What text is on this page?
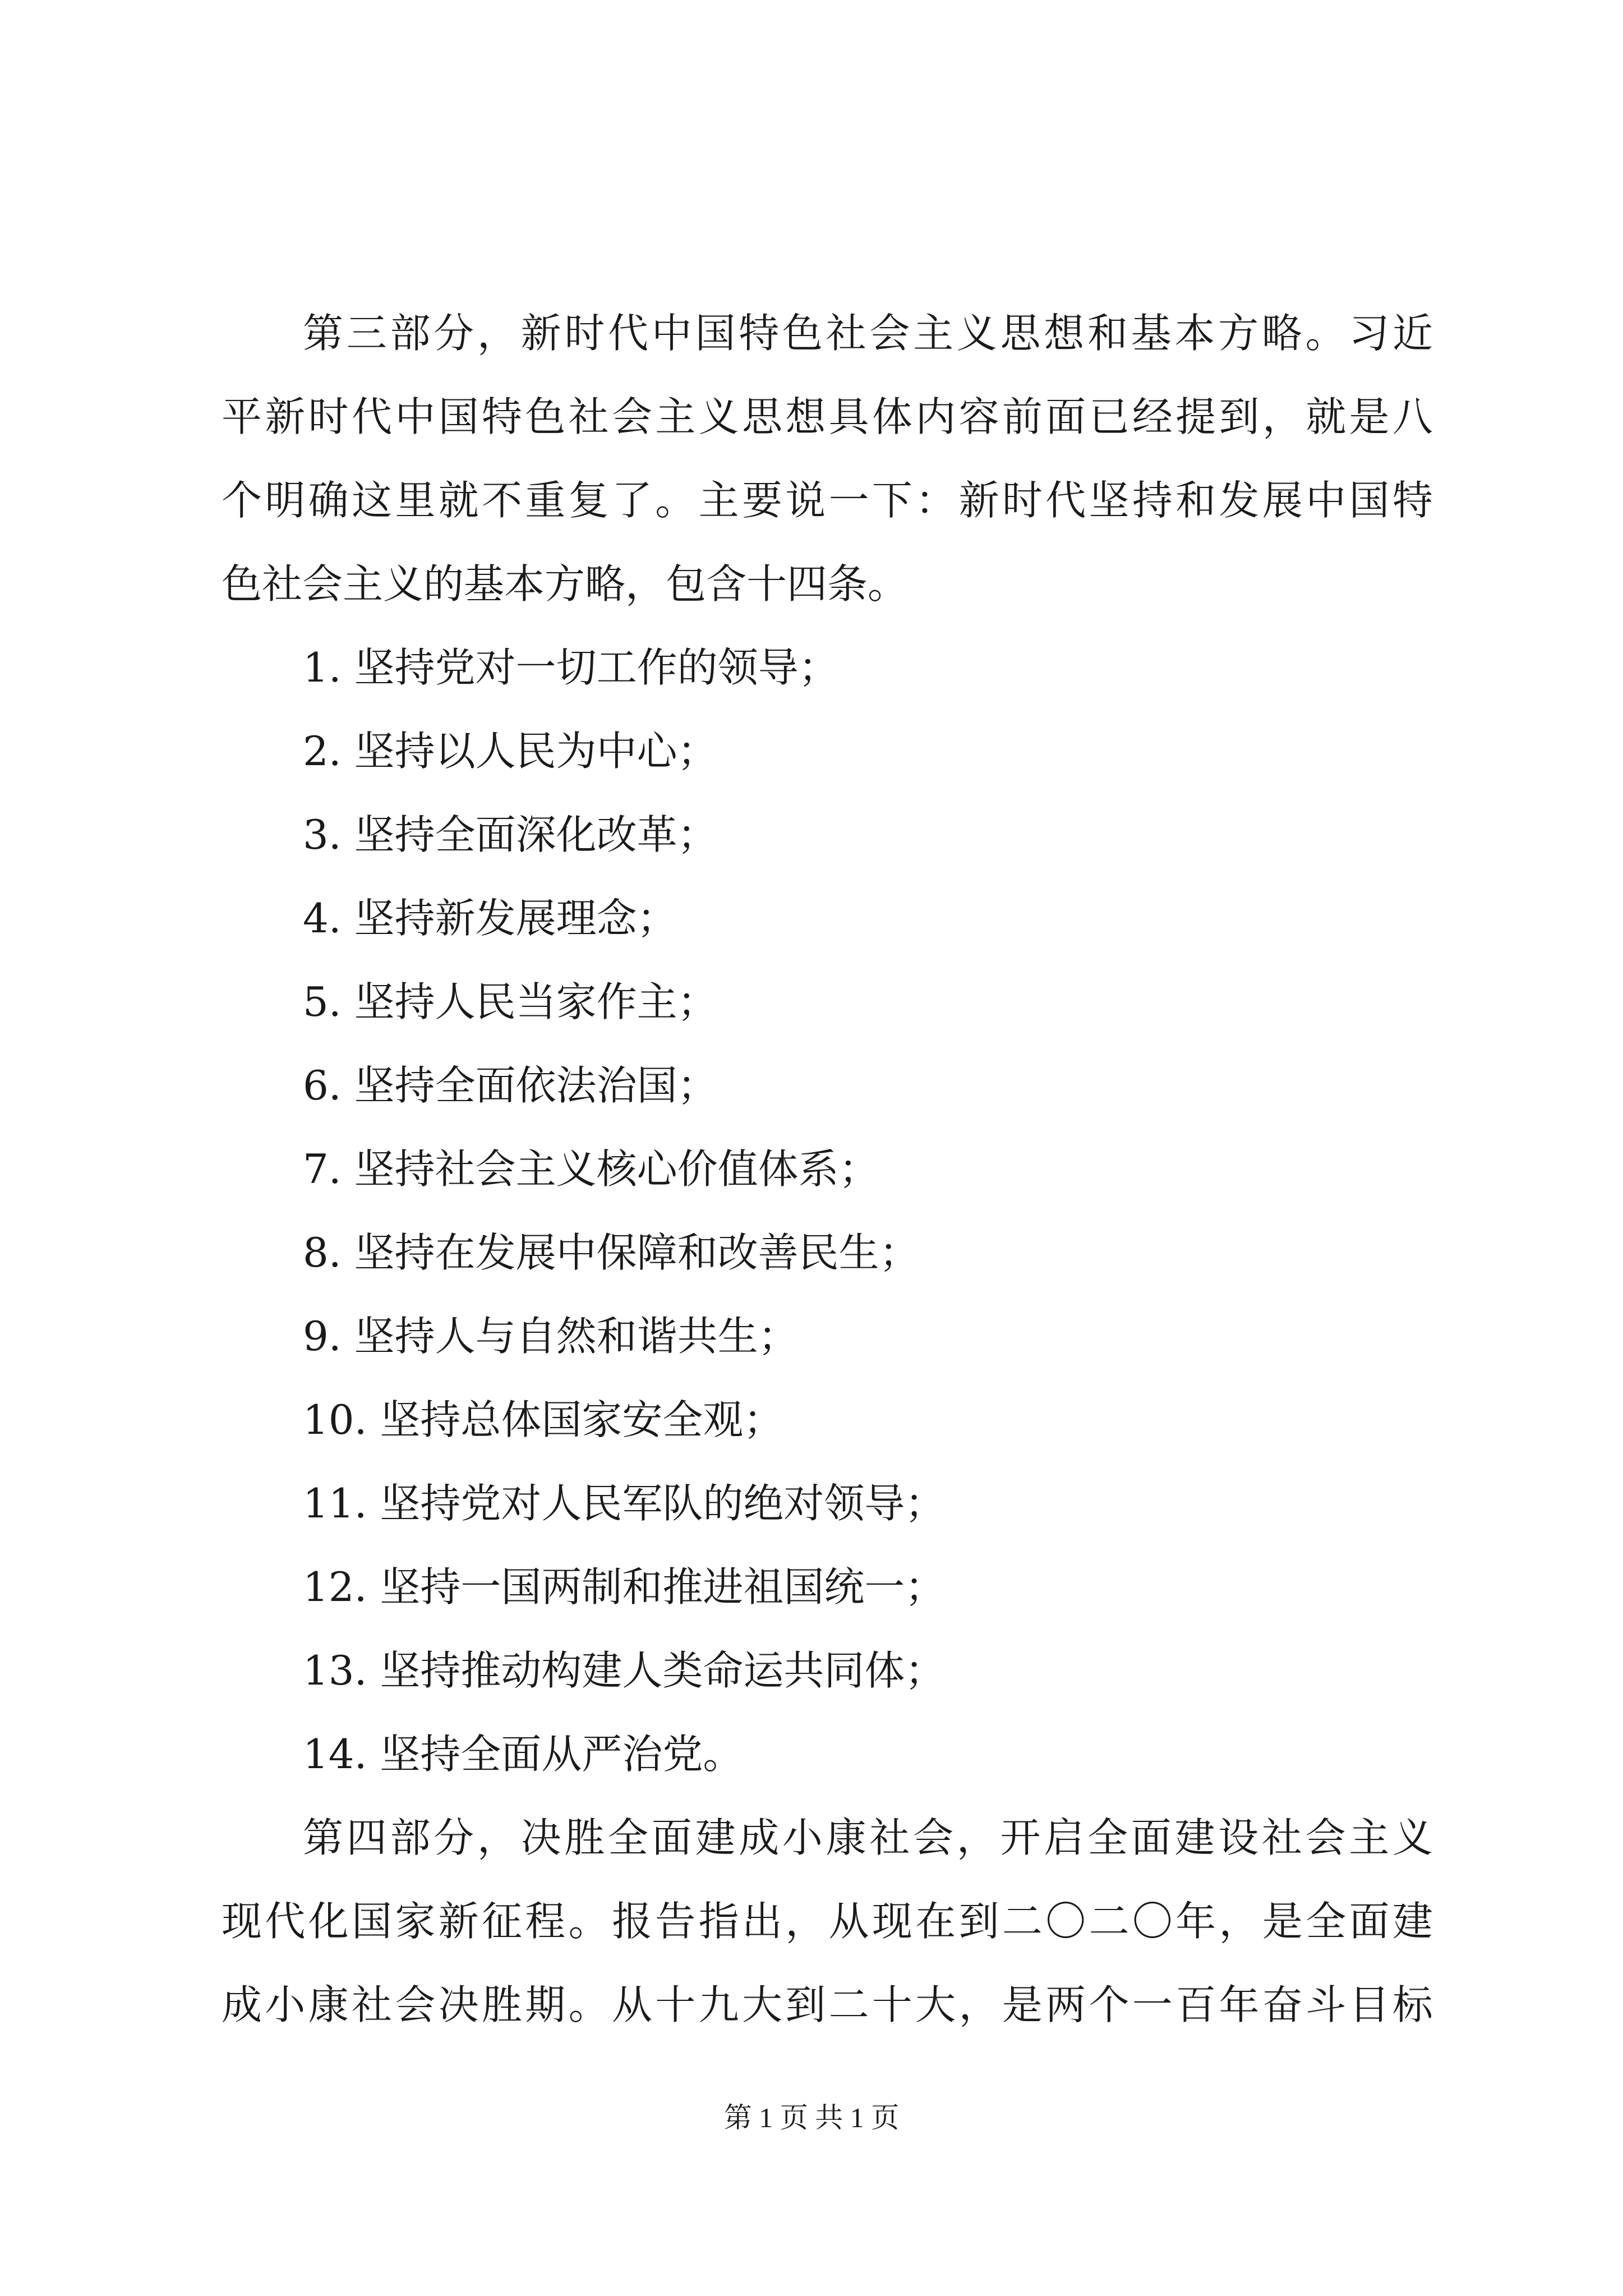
第 三 部 分 ， 新 时 代 中 国 特 色 社 会 主 义 思 想 和 基 本 方 略 。 习 近
平 新 时 代 中 国 特 色 社 会 主 义 思 想 具 体 内 容 前 面 已 经 提 到 ， 就 是 八
个 明 确 这 里 就 不 重 复 了 。 主 要 说 一 下 ： 新 时 代 坚 持 和 发 展 中 国 特
色社会主义的基本方略，包含十四条。
1. 坚持党对一切工作的领导；
2. 坚持以人民为中心；
3. 坚持全面深化改革；
4. 坚持新发展理念；
5. 坚持人民当家作主；
6. 坚持全面依法治国；
7. 坚持社会主义核心价值体系；
8. 坚持在发展中保障和改善民生；
9. 坚持人与自然和谐共生；
10. 坚持总体国家安全观；
11. 坚持党对人民军队的绝对领导；
12. 坚持一国两制和推进祖国统一；
13. 坚持推动构建人类命运共同体；
14. 坚持全面从严治党。
第 四 部 分 ， 决 胜 全 面 建 成 小 康 社 会 ， 开 启 全 面 建 设 社 会 主 义
现 代 化 国 家 新 征 程 。 报 告 指 出 ， 从 现 在 到 二 〇 二 〇 年 ， 是 全 面 建
成 小 康 社 会 决 胜 期 。 从 十 九 大 到 二 十 大 ， 是 两 个 一 百 年 奋 斗 目 标
第 1 页 共 1 页
